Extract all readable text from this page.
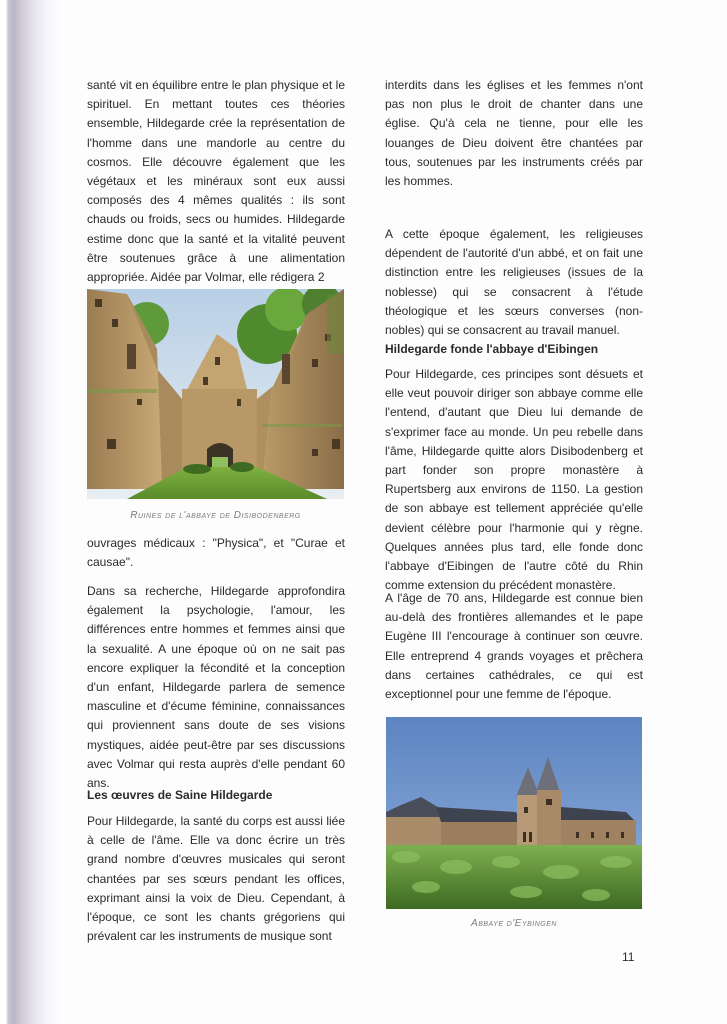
santé vit en équilibre entre le plan physique et le spirituel. En mettant toutes ces théories ensemble, Hildegarde crée la représentation de l'homme dans une mandorle au centre du cosmos. Elle découvre également que les végétaux et les minéraux sont eux aussi composés des 4 mêmes qualités : ils sont chauds ou froids, secs ou humides. Hildegarde estime donc que la santé et la vitalité peuvent être soutenues grâce à une alimentation appropriée. Aidée par Volmar, elle rédigera 2

Ruines de l'abbaye de Disibodenberg

ouvrages médicaux : "Physica", et "Curae et causae".

Dans sa recherche, Hildegarde approfondira également la psychologie, l'amour, les différences entre hommes et femmes ainsi que la sexualité. A une époque où on ne sait pas encore expliquer la fécondité et la conception d'un enfant, Hildegarde parlera de semence masculine et d'écume féminine, connaissances qui proviennent sans doute de ses visions mystiques, aidée peut-être par ses discussions avec Volmar qui resta auprès d'elle pendant 60 ans.

Les œuvres de Saine Hildegarde

Pour Hildegarde, la santé du corps est aussi liée à celle de l'âme. Elle va donc écrire un très grand nombre d'œuvres musicales qui seront chantées par ses sœurs pendant les offices, exprimant ainsi la voix de Dieu. Cependant, à l'époque, ce sont les chants grégoriens qui prévalent car les instruments de musique sont

interdits dans les églises et les femmes n'ont pas non plus le droit de chanter dans une église. Qu'à cela ne tienne, pour elle les louanges de Dieu doivent être chantées par tous, soutenues par les instruments créés par les hommes.

A cette époque également, les religieuses dépendent de l'autorité d'un abbé, et on fait une distinction entre les religieuses (issues de la noblesse) qui se consacrent à l'étude théologique et les sœurs converses (non-nobles) qui se consacrent au travail manuel.

Hildegarde fonde l'abbaye d'Eibingen

Pour Hildegarde, ces principes sont désuets et elle veut pouvoir diriger son abbaye comme elle l'entend, d'autant que Dieu lui demande de s'exprimer face au monde. Un peu rebelle dans l'âme, Hildegarde quitte alors Disibodenberg et part fonder son propre monastère à Rupertsberg aux environs de 1150. La gestion de son abbaye est tellement appréciée qu'elle devient célèbre pour l'harmonie qui y règne. Quelques années plus tard, elle fonde donc l'abbaye d'Eibingen de l'autre côté du Rhin comme extension du précédent monastère.

A l'âge de 70 ans, Hildegarde est connue bien au-delà des frontières allemandes et le pape Eugène III l'encourage à continuer son œuvre. Elle entreprend 4 grands voyages et prêchera dans certaines cathédrales, ce qui est exceptionnel pour une femme de l'époque.

Abbaye d'Eybingen
11
